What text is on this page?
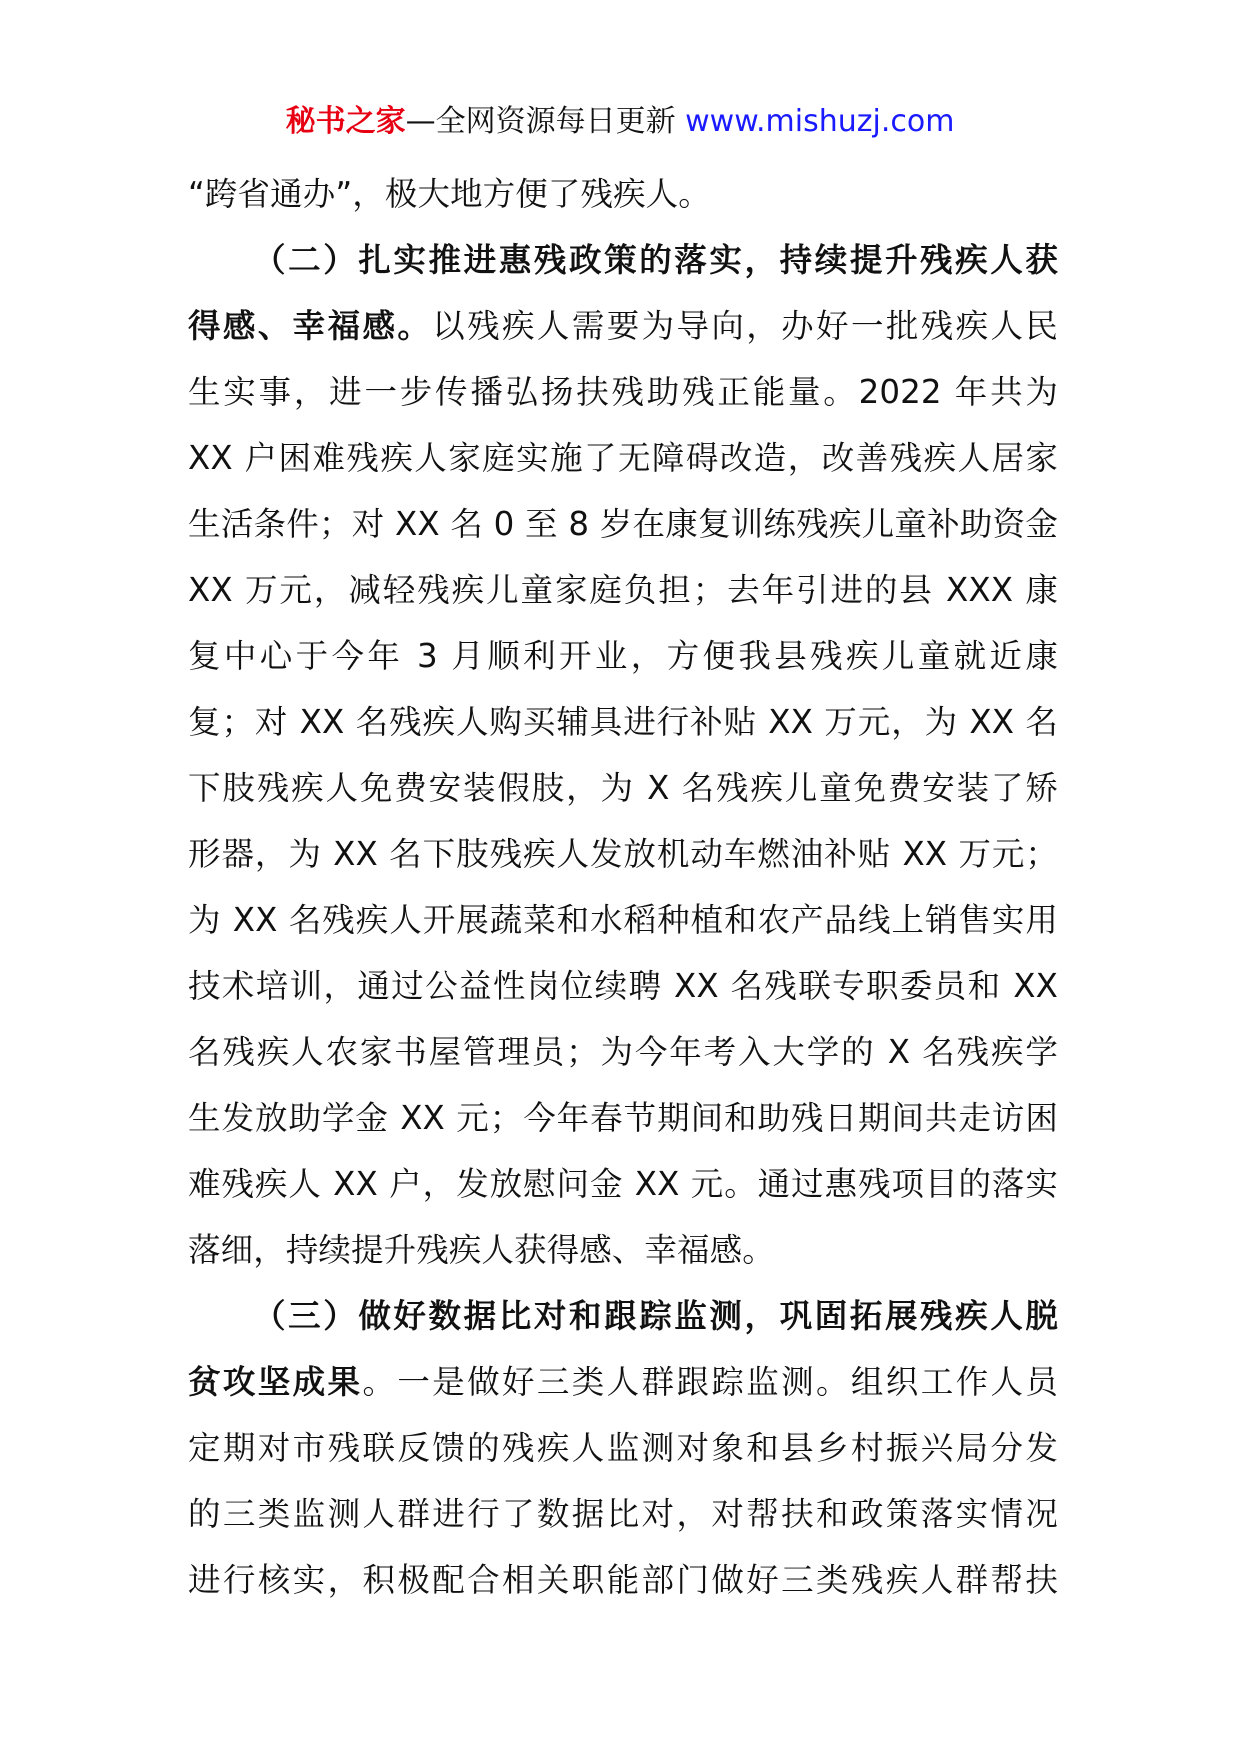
秘书之家—全网资源每日更新 www.mishuzj.com
“跨省通办”，极大地方便了残疾人。
（二）扎实推进惠残政策的落实，持续提升残疾人获
得感、幸福感。以残疾人需要为导向，办好一批残疾人民
生实事，进一步传播弘扬扶残助残正能量。2022 年共为
XX 户困难残疾人家庭实施了无障碍改造，改善残疾人居家
生活条件；对 XX 名 0 至 8 岁在康复训练残疾儿童补助资金
XX 万元，减轻残疾儿童家庭负担；去年引进的县 XXX 康
复中心于今年 3 月顺利开业，方便我县残疾儿童就近康
复；对 XX 名残疾人购买辅具进行补贴 XX 万元，为 XX 名
下肢残疾人免费安装假肢，为 X 名残疾儿童免费安装了矫
形器，为 XX 名下肢残疾人发放机动车燃油补贴 XX 万元；
为 XX 名残疾人开展蔬菜和水稻种植和农产品线上销售实用
技术培训，通过公益性岗位续聘 XX 名残联专职委员和 XX
名残疾人农家书屋管理员；为今年考入大学的 X 名残疾学
生发放助学金 XX 元；今年春节期间和助残日期间共走访困
难残疾人 XX 户，发放慰问金 XX 元。通过惠残项目的落实
落细，持续提升残疾人获得感、幸福感。
（三）做好数据比对和跟踪监测，巩固拓展残疾人脱
贫攻坚成果。一是做好三类人群跟踪监测。组织工作人员
定期对市残联反馈的残疾人监测对象和县乡村振兴局分发
的三类监测人群进行了数据比对，对帮扶和政策落实情况
进行核实，积极配合相关职能部门做好三类残疾人群帮扶
